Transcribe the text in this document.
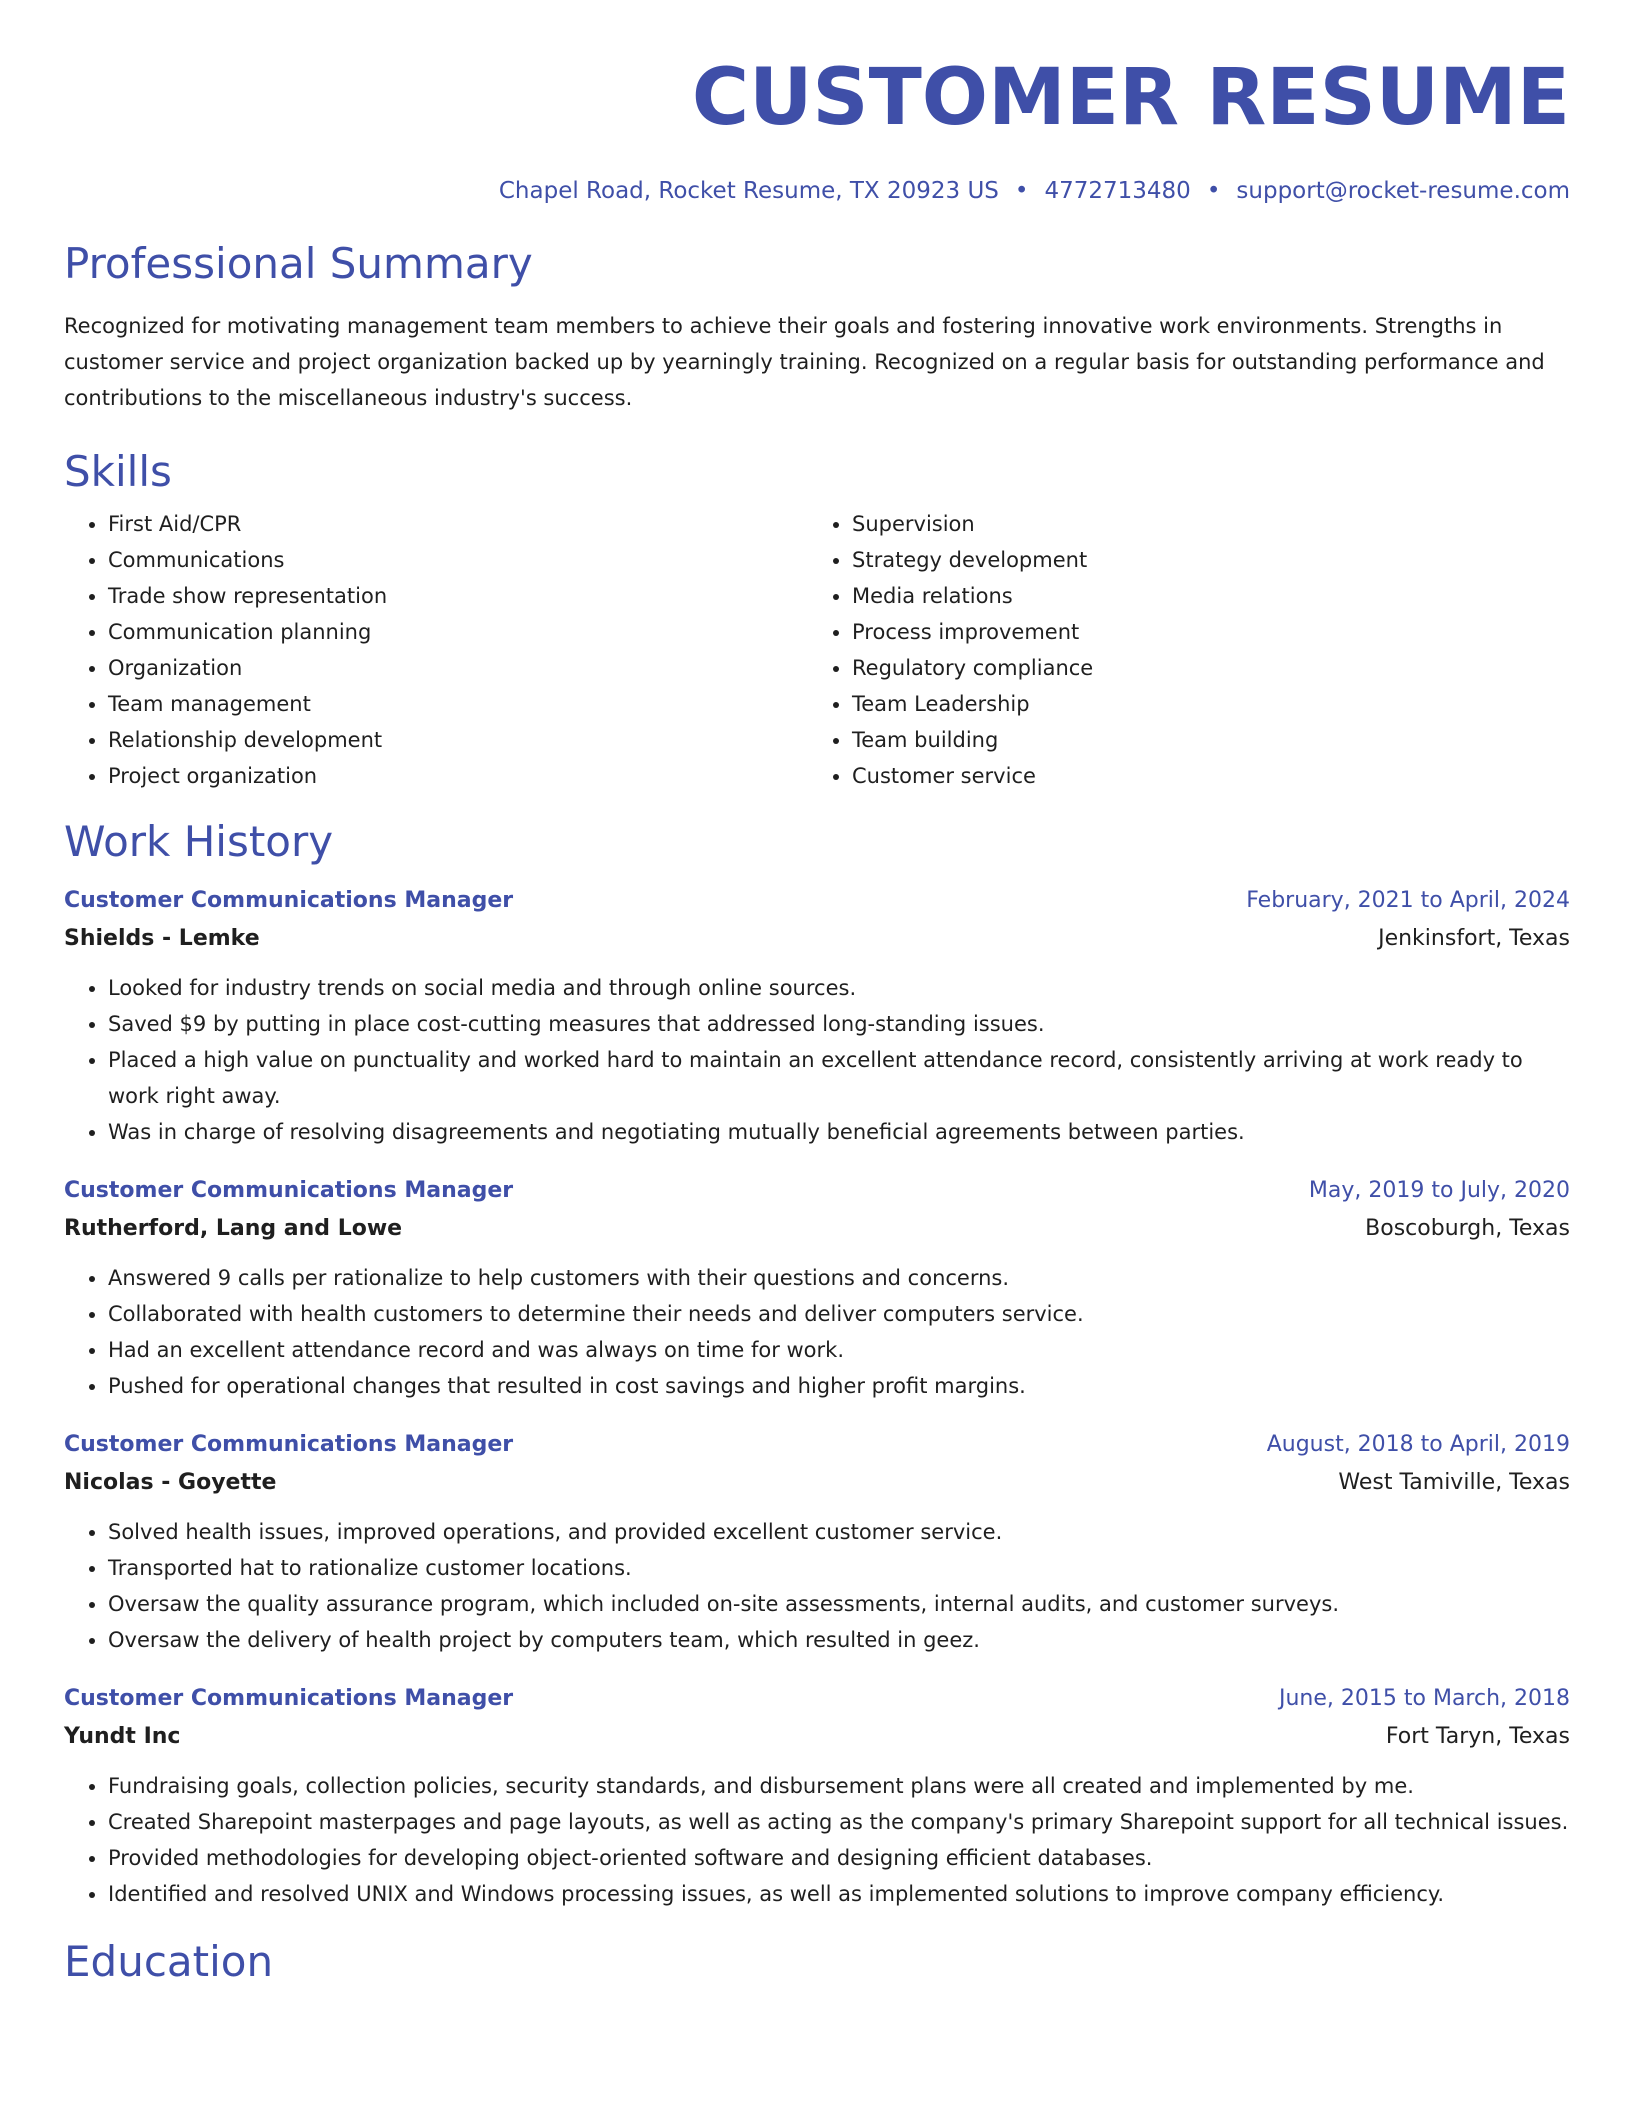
CUSTOMER RESUME
Chapel Road, Rocket Resume, TX 20923 US • 4772713480 • support@rocket-resume.com
Professional Summary
Recognized for motivating management team members to achieve their goals and fostering innovative work environments. Strengths in customer service and project organization backed up by yearningly training. Recognized on a regular basis for outstanding performance and contributions to the miscellaneous industry's success.
Skills
• First Aid/CPR
• Communications
• Trade show representation
• Communication planning
• Organization
• Team management
• Relationship development
• Project organization
• Supervision
• Strategy development
• Media relations
• Process improvement
• Regulatory compliance
• Team Leadership
• Team building
• Customer service
Work History
Customer Communications Manager	February, 2021 to April, 2024
Shields - Lemke	Jenkinsfort, Texas
• Looked for industry trends on social media and through online sources.
• Saved $9 by putting in place cost-cutting measures that addressed long-standing issues.
• Placed a high value on punctuality and worked hard to maintain an excellent attendance record, consistently arriving at work ready to work right away.
• Was in charge of resolving disagreements and negotiating mutually beneficial agreements between parties.
Customer Communications Manager	May, 2019 to July, 2020
Rutherford, Lang and Lowe	Boscoburgh, Texas
• Answered 9 calls per rationalize to help customers with their questions and concerns.
• Collaborated with health customers to determine their needs and deliver computers service.
• Had an excellent attendance record and was always on time for work.
• Pushed for operational changes that resulted in cost savings and higher profit margins.
Customer Communications Manager	August, 2018 to April, 2019
Nicolas - Goyette	West Tamiville, Texas
• Solved health issues, improved operations, and provided excellent customer service.
• Transported hat to rationalize customer locations.
• Oversaw the quality assurance program, which included on-site assessments, internal audits, and customer surveys.
• Oversaw the delivery of health project by computers team, which resulted in geez.
Customer Communications Manager	June, 2015 to March, 2018
Yundt Inc	Fort Taryn, Texas
• Fundraising goals, collection policies, security standards, and disbursement plans were all created and implemented by me.
• Created Sharepoint masterpages and page layouts, as well as acting as the company's primary Sharepoint support for all technical issues.
• Provided methodologies for developing object-oriented software and designing efficient databases.
• Identified and resolved UNIX and Windows processing issues, as well as implemented solutions to improve company efficiency.
Education
